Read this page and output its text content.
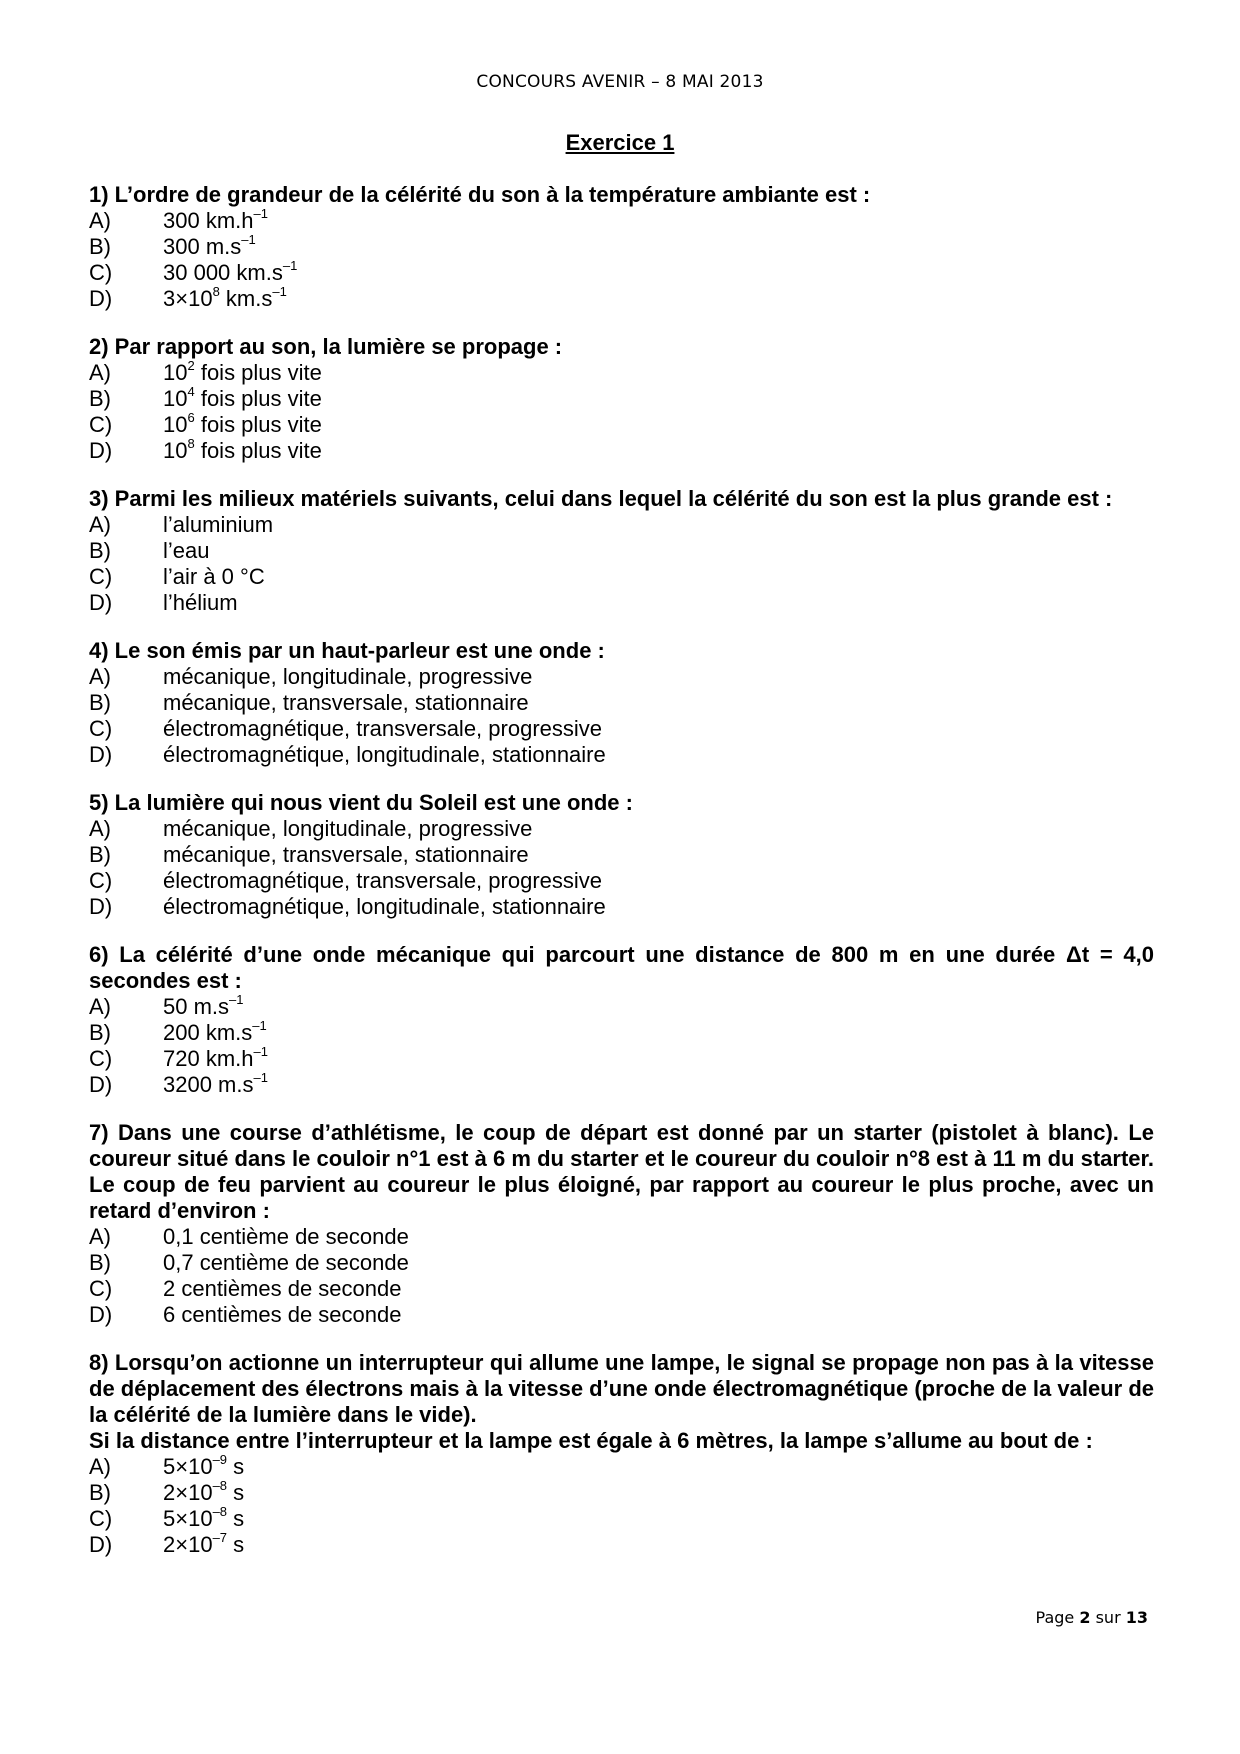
CONCOURS AVENIR – 8 MAI 2013
Exercice 1
1) L’ordre de grandeur de la célérité du son à la température ambiante est :
A)	300 $km.h^{-1}$
B)	300 $m.s^{-1}$
C)	30 000 $km.s^{-1}$
D)	$3\times 10^8$ $km.s^{-1}$
2) Par rapport au son, la lumière se propage :
A)	$10^2$ fois plus vite
B)	$10^4$ fois plus vite
C)	$10^6$ fois plus vite
D)	$10^8$ fois plus vite
3) Parmi les milieux matériels suivants, celui dans lequel la célérité du son est la plus grande est :
A)	l’aluminium
B)	l’eau
C)	l’air à 0 °C
D)	l’hélium
4) Le son émis par un haut-parleur est une onde :
A)	mécanique, longitudinale, progressive
B)	mécanique, transversale, stationnaire
C)	électromagnétique, transversale, progressive
D)	électromagnétique, longitudinale, stationnaire
5) La lumière qui nous vient du Soleil est une onde :
A)	mécanique, longitudinale, progressive
B)	mécanique, transversale, stationnaire
C)	électromagnétique, transversale, progressive
D)	électromagnétique, longitudinale, stationnaire
6) La célérité d’une onde mécanique qui parcourt une distance de 800 m en une durée Δt = 4,0 secondes est :
A)	50 $m.s^{-1}$
B)	200 $km.s^{-1}$
C)	720 $km.h^{-1}$
D)	3200 $m.s^{-1}$
7) Dans une course d’athlétisme, le coup de départ est donné par un starter (pistolet à blanc). Le coureur situé dans le couloir n°1 est à 6 m du starter et le coureur du couloir n°8 est à 11 m du starter. Le coup de feu parvient au coureur le plus éloigné, par rapport au coureur le plus proche, avec un retard d’environ :
A)	0,1 centième de seconde
B)	0,7 centième de seconde
C)	2 centièmes de seconde
D)	6 centièmes de seconde
8) Lorsqu’on actionne un interrupteur qui allume une lampe, le signal se propage non pas à la vitesse de déplacement des électrons mais à la vitesse d’une onde électromagnétique (proche de la valeur de la célérité de la lumière dans le vide).
Si la distance entre l’interrupteur et la lampe est égale à 6 mètres, la lampe s’allume au bout de :
A)	$5\times 10^{-9}$ s
B)	$2\times 10^{-8}$ s
C)	$5\times 10^{-8}$ s
D)	$2\times 10^{-7}$ s
Page 2 sur 13
